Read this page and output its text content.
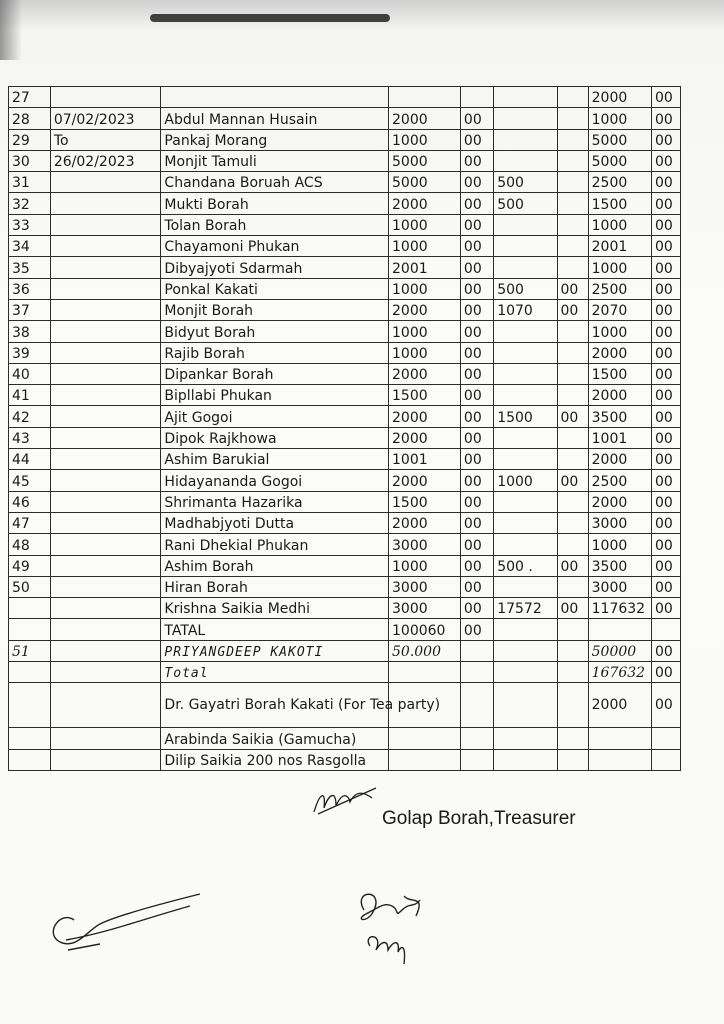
27							2000	00
28	07/02/2023	Abdul Mannan Husain	2000	00			1000	00
29	To	Pankaj Morang	1000	00			5000	00
30	26/02/2023	Monjit Tamuli	5000	00			5000	00
31		Chandana Boruah ACS	5000	00	500		2500	00
32		Mukti Borah	2000	00	500		1500	00
33		Tolan Borah	1000	00			1000	00
34		Chayamoni Phukan	1000	00			2001	00
35		Dibyajyoti Sdarmah	2001	00			1000	00
36		Ponkal Kakati	1000	00	500	00	2500	00
37		Monjit Borah	2000	00	1070	00	2070	00
38		Bidyut Borah	1000	00			1000	00
39		Rajib Borah	1000	00			2000	00
40		Dipankar Borah	2000	00			1500	00
41		Bipllabi Phukan	1500	00			2000	00
42		Ajit Gogoi	2000	00	1500	00	3500	00
43		Dipok Rajkhowa	2000	00			1001	00
44		Ashim Barukial	1001	00			2000	00
45		Hidayananda Gogoi	2000	00	1000	00	2500	00
46		Shrimanta Hazarika	1500	00			2000	00
47		Madhabjyoti Dutta	2000	00			3000	00
48		Rani Dhekial Phukan	3000	00			1000	00
49		Ashim Borah	1000	00	500 .	00	3500	00
50		Hiran Borah	3000	00			3000	00
		Krishna Saikia Medhi	3000	00	17572	00	117632	00
		TATAL	100060	00				
51		PRIYANGDEEP KAKOTI	50.000				50000	00
		Total					167632	00
		Dr. Gayatri Borah Kakati (For Tea party)					2000	00
		Arabinda Saikia (Gamucha)						
		Dilip Saikia 200 nos Rasgolla						
Golap Borah,Treasurer
